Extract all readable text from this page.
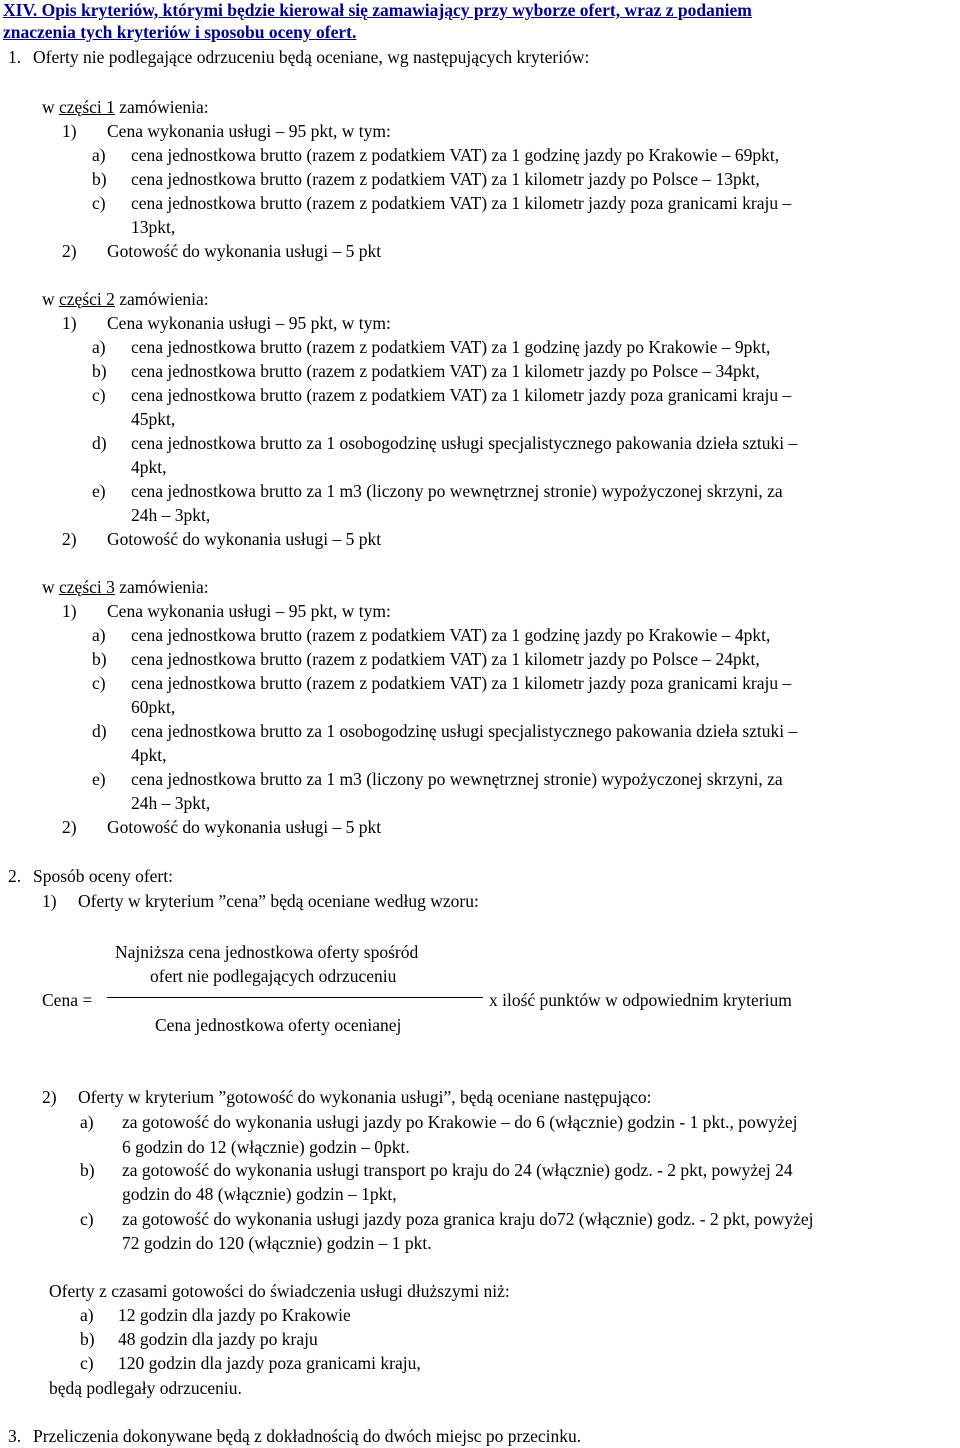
XIV. Opis kryteriów, którymi będzie kierował się zamawiający przy wyborze ofert, wraz z podaniem
znaczenia tych kryteriów i sposobu oceny ofert.
1. Oferty nie podlegające odrzuceniu będą oceniane, wg następujących kryteriów:
w części 1 zamówienia:
1) Cena wykonania usługi – 95 pkt, w tym:
a) cena jednostkowa brutto (razem z podatkiem VAT) za 1 godzinę jazdy po Krakowie – 69pkt,
b) cena jednostkowa brutto (razem z podatkiem VAT) za 1 kilometr jazdy po Polsce – 13pkt,
c) cena jednostkowa brutto (razem z podatkiem VAT) za 1 kilometr jazdy poza granicami kraju –
13pkt,
2) Gotowość do wykonania usługi – 5 pkt
w części 2 zamówienia:
1) Cena wykonania usługi – 95 pkt, w tym:
a) cena jednostkowa brutto (razem z podatkiem VAT) za 1 godzinę jazdy po Krakowie – 9pkt,
b) cena jednostkowa brutto (razem z podatkiem VAT) za 1 kilometr jazdy po Polsce – 34pkt,
c) cena jednostkowa brutto (razem z podatkiem VAT) za 1 kilometr jazdy poza granicami kraju –
45pkt,
d) cena jednostkowa brutto za 1 osobogodzinę usługi specjalistycznego pakowania dzieła sztuki –
4pkt,
e) cena jednostkowa brutto za 1 m3 (liczony po wewnętrznej stronie) wypożyczonej skrzyni, za
24h – 3pkt,
2) Gotowość do wykonania usługi – 5 pkt
w części 3 zamówienia:
1) Cena wykonania usługi – 95 pkt, w tym:
a) cena jednostkowa brutto (razem z podatkiem VAT) za 1 godzinę jazdy po Krakowie – 4pkt,
b) cena jednostkowa brutto (razem z podatkiem VAT) za 1 kilometr jazdy po Polsce – 24pkt,
c) cena jednostkowa brutto (razem z podatkiem VAT) za 1 kilometr jazdy poza granicami kraju –
60pkt,
d) cena jednostkowa brutto za 1 osobogodzinę usługi specjalistycznego pakowania dzieła sztuki –
4pkt,
e) cena jednostkowa brutto za 1 m3 (liczony po wewnętrznej stronie) wypożyczonej skrzyni, za
24h – 3pkt,
2) Gotowość do wykonania usługi – 5 pkt
2. Sposób oceny ofert:
1) Oferty w kryterium ”cena” będą oceniane według wzoru:
Najniższa cena jednostkowa oferty spośród
ofert nie podlegających odrzuceniu
Cena =	x ilość punktów w odpowiednim kryterium
Cena jednostkowa oferty ocenianej
2) Oferty w kryterium ”gotowość do wykonania usługi”, będą oceniane następująco:
a) za gotowość do wykonania usługi jazdy po Krakowie – do 6 (włącznie) godzin - 1 pkt., powyżej
6 godzin do 12 (włącznie) godzin – 0pkt.
b) za gotowość do wykonania usługi transport po kraju do 24 (włącznie) godz. - 2 pkt, powyżej 24
godzin do 48 (włącznie) godzin – 1pkt,
c) za gotowość do wykonania usługi jazdy poza granica kraju do72 (włącznie) godz. - 2 pkt, powyżej
72 godzin do 120 (włącznie) godzin – 1 pkt.
Oferty z czasami gotowości do świadczenia usługi dłuższymi niż:
a) 12 godzin dla jazdy po Krakowie
b) 48 godzin dla jazdy po kraju
c) 120 godzin dla jazdy poza granicami kraju,
będą podlegały odrzuceniu.
3. Przeliczenia dokonywane będą z dokładnością do dwóch miejsc po przecinku.
